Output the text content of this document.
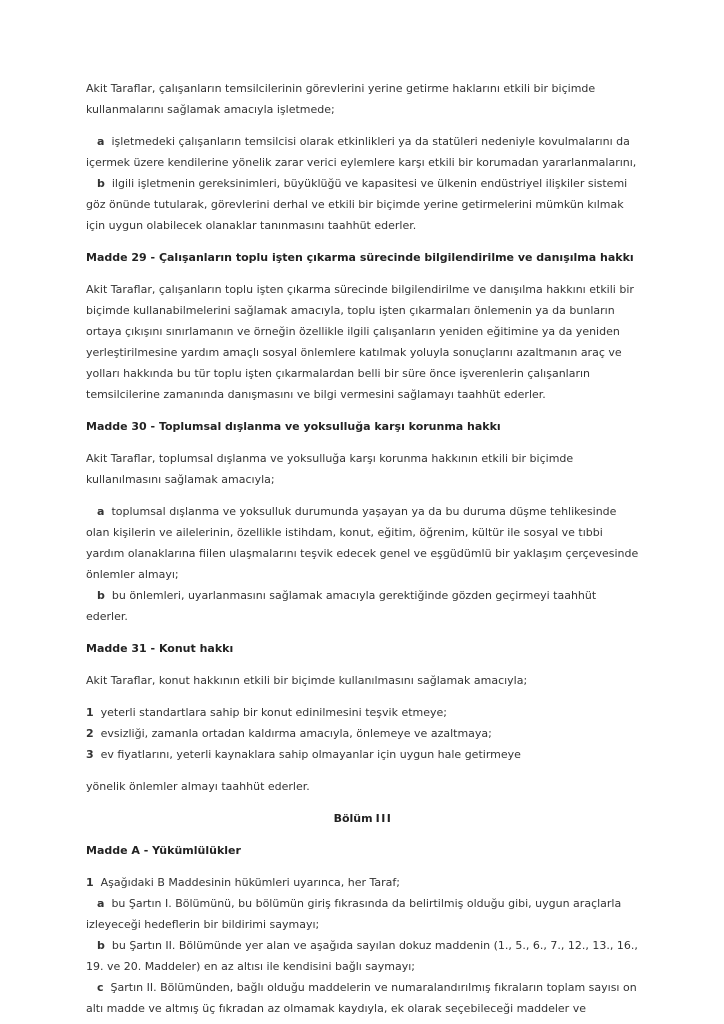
Akit Taraflar, çalışanların temsilcilerinin görevlerini yerine getirme haklarını etkili bir biçimde kullanmalarını sağlamak amacıyla işletmede;

a işletmedeki çalışanların temsilcisi olarak etkinlikleri ya da statüleri nedeniyle kovulmalarını da içermek üzere kendilerine yönelik zarar verici eylemlere karşı etkili bir korumadan yararlanmalarını,

b ilgili işletmenin gereksinimleri, büyüklüğü ve kapasitesi ve ülkenin endüstriyel ilişkiler sistemi göz önünde tutularak, görevlerini derhal ve etkili bir biçimde yerine getirmelerini mümkün kılmak için uygun olabilecek olanaklar tanınmasını taahhüt ederler.

Madde 29 - Çalışanların toplu işten çıkarma sürecinde bilgilendirilme ve danışılma hakkı

Akit Taraflar, çalışanların toplu işten çıkarma sürecinde bilgilendirilme ve danışılma hakkını etkili bir biçimde kullanabilmelerini sağlamak amacıyla, toplu işten çıkarmaları önlemenin ya da bunların ortaya çıkışını sınırlamanın ve örneğin özellikle ilgili çalışanların yeniden eğitimine ya da yeniden yerleştirilmesine yardım amaçlı sosyal önlemlere katılmak yoluyla sonuçlarını azaltmanın araç ve yolları hakkında bu tür toplu işten çıkarmalardan belli bir süre önce işverenlerin çalışanların temsilcilerine zamanında danışmasını ve bilgi vermesini sağlamayı taahhüt ederler.

Madde 30 - Toplumsal dışlanma ve yoksulluğa karşı korunma hakkı

Akit Taraflar, toplumsal dışlanma ve yoksulluğa karşı korunma hakkının etkili bir biçimde kullanılmasını sağlamak amacıyla;

a toplumsal dışlanma ve yoksulluk durumunda yaşayan ya da bu duruma düşme tehlikesinde olan kişilerin ve ailelerinin, özellikle istihdam, konut, eğitim, öğrenim, kültür ile sosyal ve tıbbi yardım olanaklarına fiilen ulaşmalarını teşvik edecek genel ve eşgüdümlü bir yaklaşım çerçevesinde önlemler almayı;

b bu önlemleri, uyarlanmasını sağlamak amacıyla gerektiğinde gözden geçirmeyi taahhüt ederler.

Madde 31 - Konut hakkı

Akit Taraflar, konut hakkının etkili bir biçimde kullanılmasını sağlamak amacıyla;

1 yeterli standartlara sahip bir konut edinilmesini teşvik etmeye;

2 evsizliği, zamanla ortadan kaldırma amacıyla, önlemeye ve azaltmaya;

3 ev fiyatlarını, yeterli kaynaklara sahip olmayanlar için uygun hale getirmeye

yönelik önlemler almayı taahhüt ederler.

Bölüm III

Madde A - Yükümlülükler

1 Aşağıdaki B Maddesinin hükümleri uyarınca, her Taraf;

a bu Şartın I. Bölümünü, bu bölümün giriş fıkrasında da belirtilmiş olduğu gibi, uygun araçlarla izleyeceği hedeflerin bir bildirimi saymayı;

b bu Şartın II. Bölümünde yer alan ve aşağıda sayılan dokuz maddenin (1., 5., 6., 7., 12., 13., 16., 19. ve 20. Maddeler) en az altısı ile kendisini bağlı saymayı;

c Şartın II. Bölümünden, bağlı olduğu maddelerin ve numaralandırılmış fıkraların toplam sayısı on altı madde ve altmış üç fıkradan az olmamak kaydıyla, ek olarak seçebileceği maddeler ve
